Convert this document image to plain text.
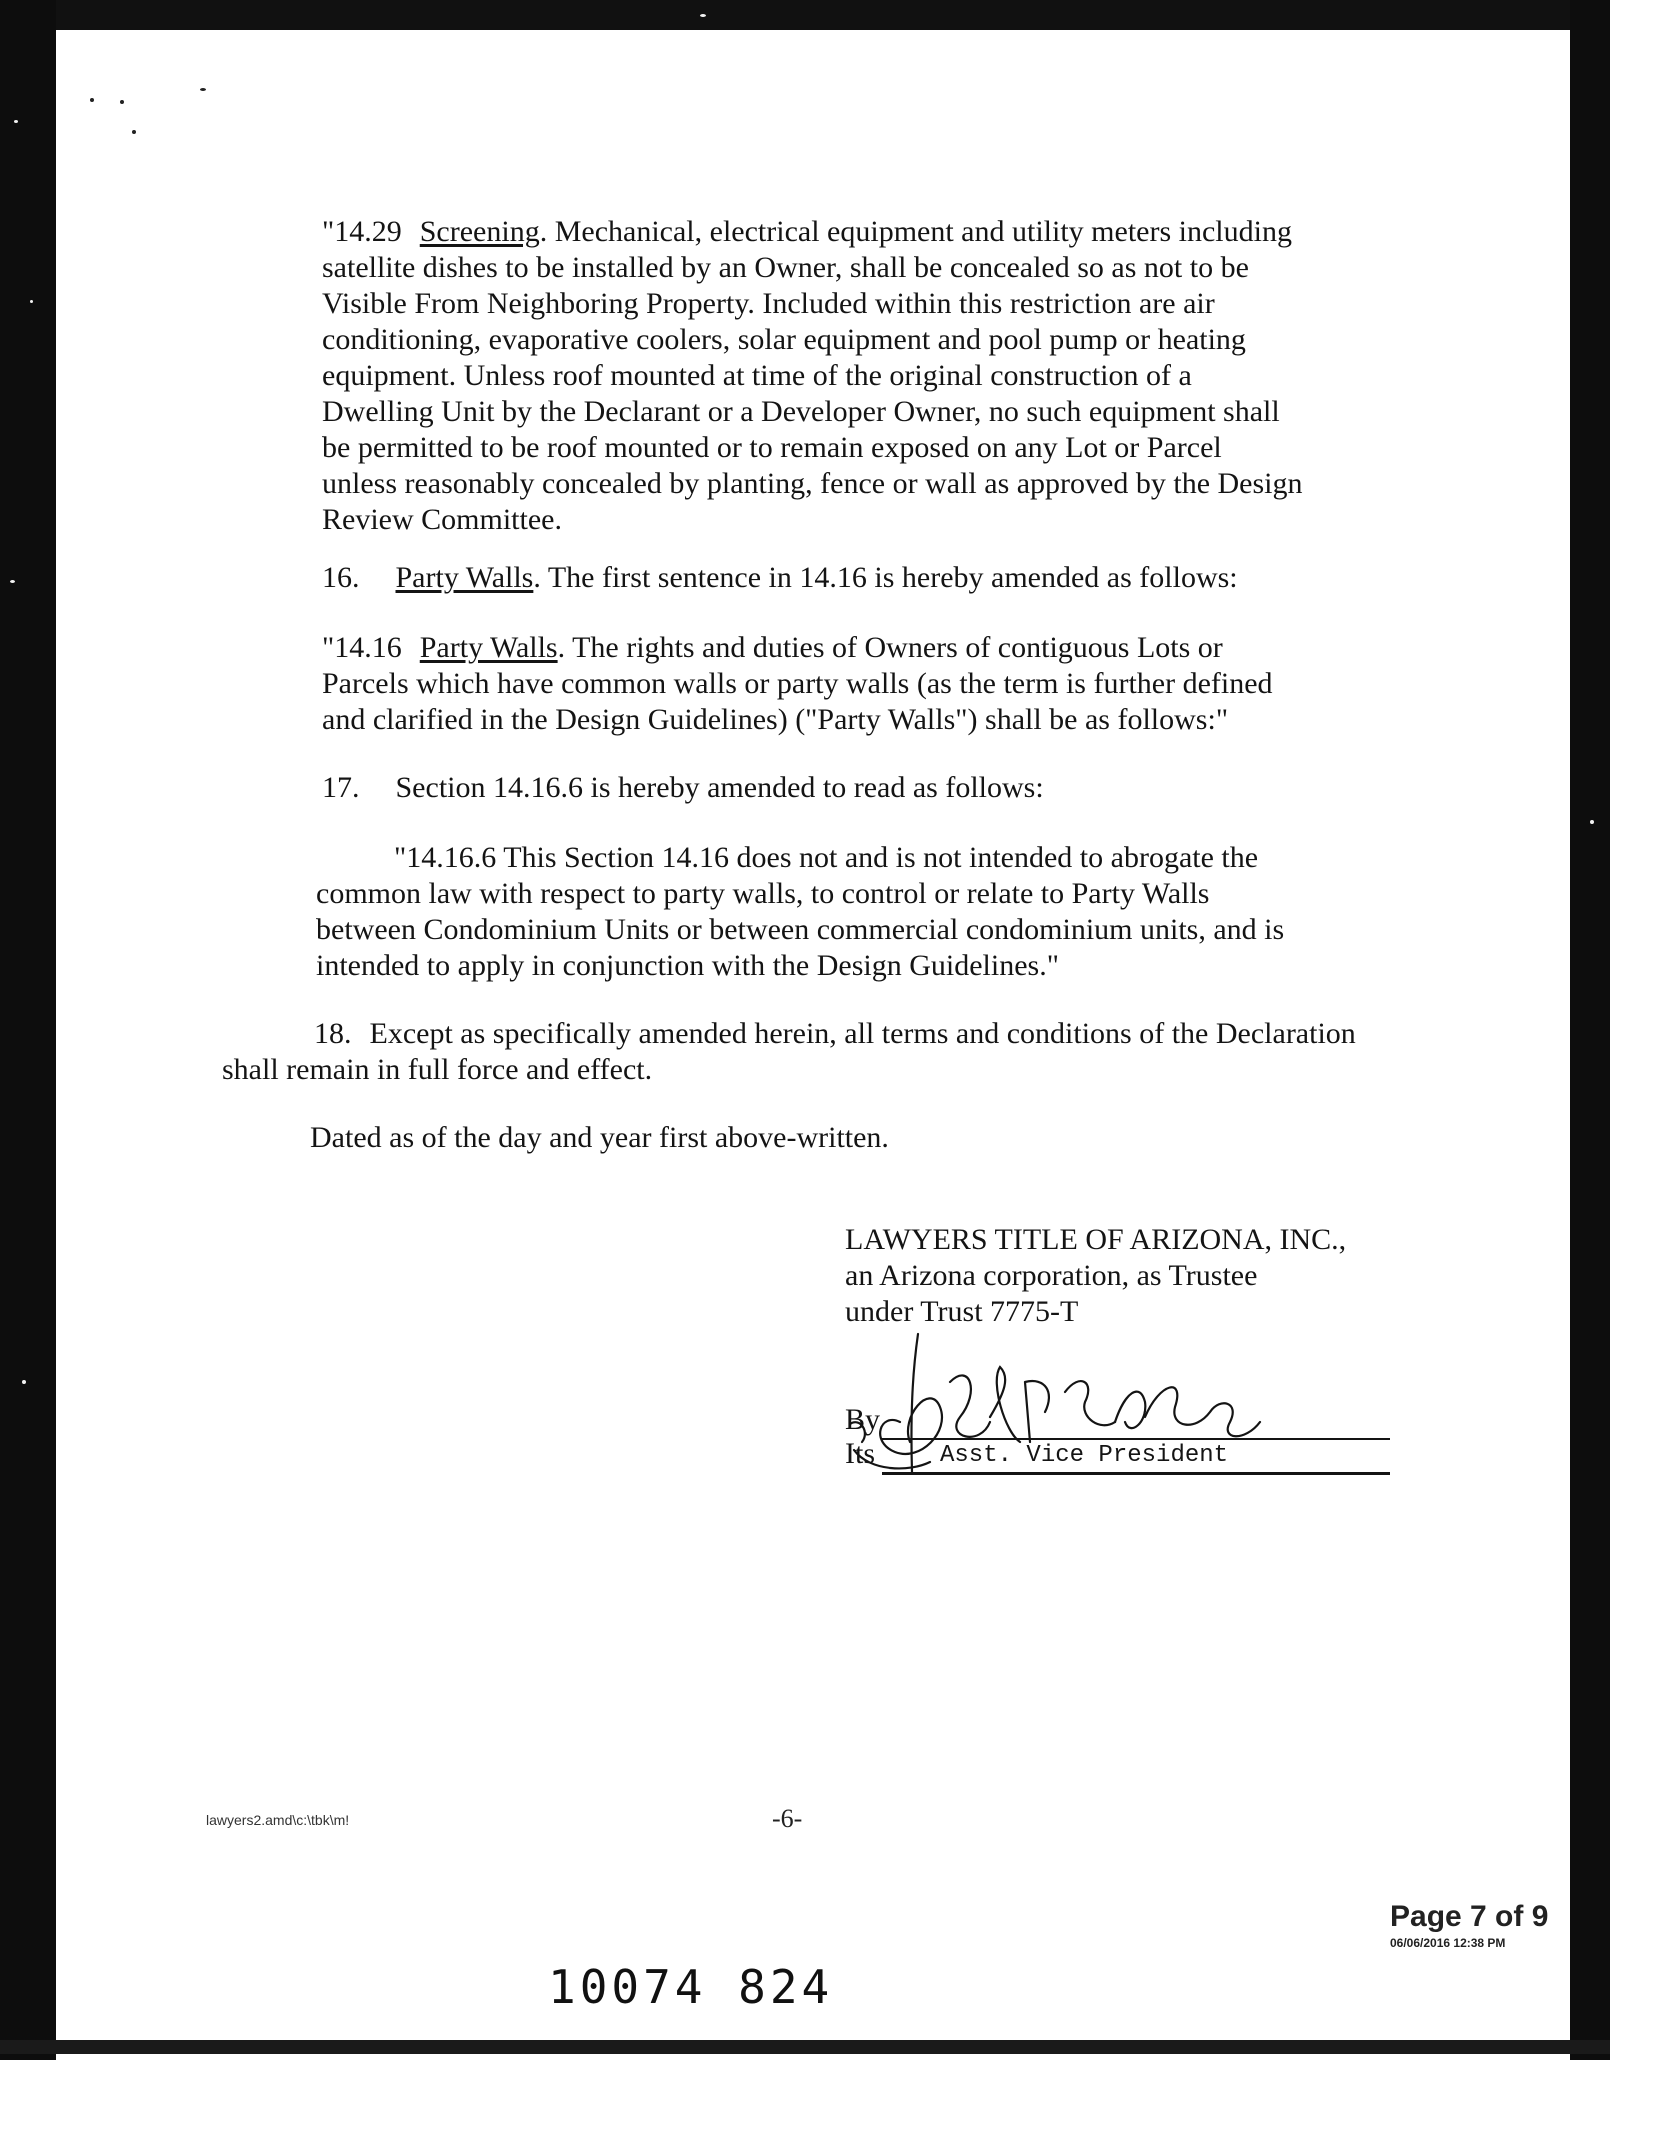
"14.29 Screening. Mechanical, electrical equipment and utility meters including
satellite dishes to be installed by an Owner, shall be concealed so as not to be
Visible From Neighboring Property. Included within this restriction are air
conditioning, evaporative coolers, solar equipment and pool pump or heating
equipment. Unless roof mounted at time of the original construction of a
Dwelling Unit by the Declarant or a Developer Owner, no such equipment shall
be permitted to be roof mounted or to remain exposed on any Lot or Parcel
unless reasonably concealed by planting, fence or wall as approved by the Design
Review Committee.
16. Party Walls. The first sentence in 14.16 is hereby amended as follows:
"14.16 Party Walls. The rights and duties of Owners of contiguous Lots or
Parcels which have common walls or party walls (as the term is further defined
and clarified in the Design Guidelines) ("Party Walls") shall be as follows:"
17. Section 14.16.6 is hereby amended to read as follows:
"14.16.6 This Section 14.16 does not and is not intended to abrogate the
common law with respect to party walls, to control or relate to Party Walls
between Condominium Units or between commercial condominium units, and is
intended to apply in conjunction with the Design Guidelines."
18. Except as specifically amended herein, all terms and conditions of the Declaration
shall remain in full force and effect.
Dated as of the day and year first above-written.
LAWYERS TITLE OF ARIZONA, INC.,
an Arizona corporation, as Trustee
under Trust 7775-T
By
Its	Asst. Vice President
lawyers2.amd\c:\tbk\m!	-6-
Page 7 of 9
06/06/2016 12:38 PM
10074 824
